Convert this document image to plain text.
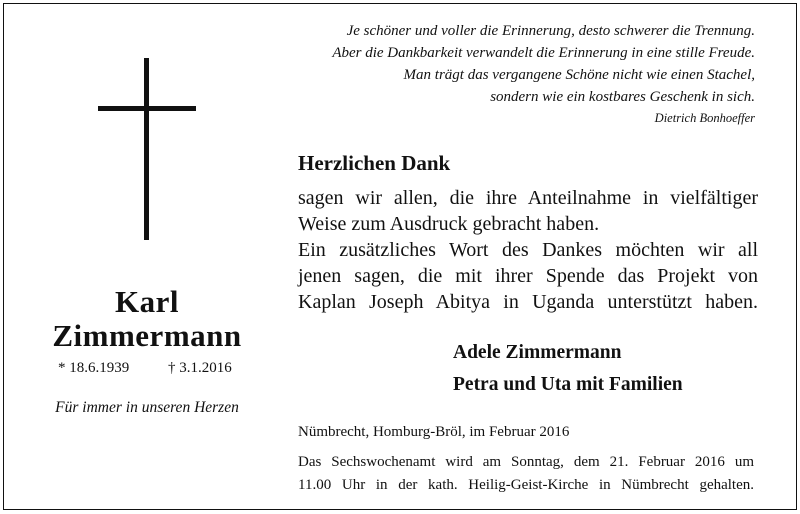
Karl
Zimmermann
* 18.6.1939	† 3.1.2016
Für immer in unseren Herzen
Je schöner und voller die Erinnerung, desto schwerer die Trennung.
Aber die Dankbarkeit verwandelt die Erinnerung in eine stille Freude.
Man trägt das vergangene Schöne nicht wie einen Stachel,
sondern wie ein kostbares Geschenk in sich.
Dietrich Bonhoeffer
Herzlichen Dank
sagen wir allen, die ihre Anteilnahme in vielfältiger
Weise zum Ausdruck gebracht haben.
Ein zusätzliches Wort des Dankes möchten wir all
jenen sagen, die mit ihrer Spende das Projekt von
Kaplan Joseph Abitya in Uganda unterstützt haben.
Adele Zimmermann
Petra und Uta mit Familien
Nümbrecht, Homburg-Bröl, im Februar 2016
Das Sechswochenamt wird am Sonntag, dem 21. Februar 2016 um
11.00 Uhr in der kath. Heilig-Geist-Kirche in Nümbrecht gehalten.
